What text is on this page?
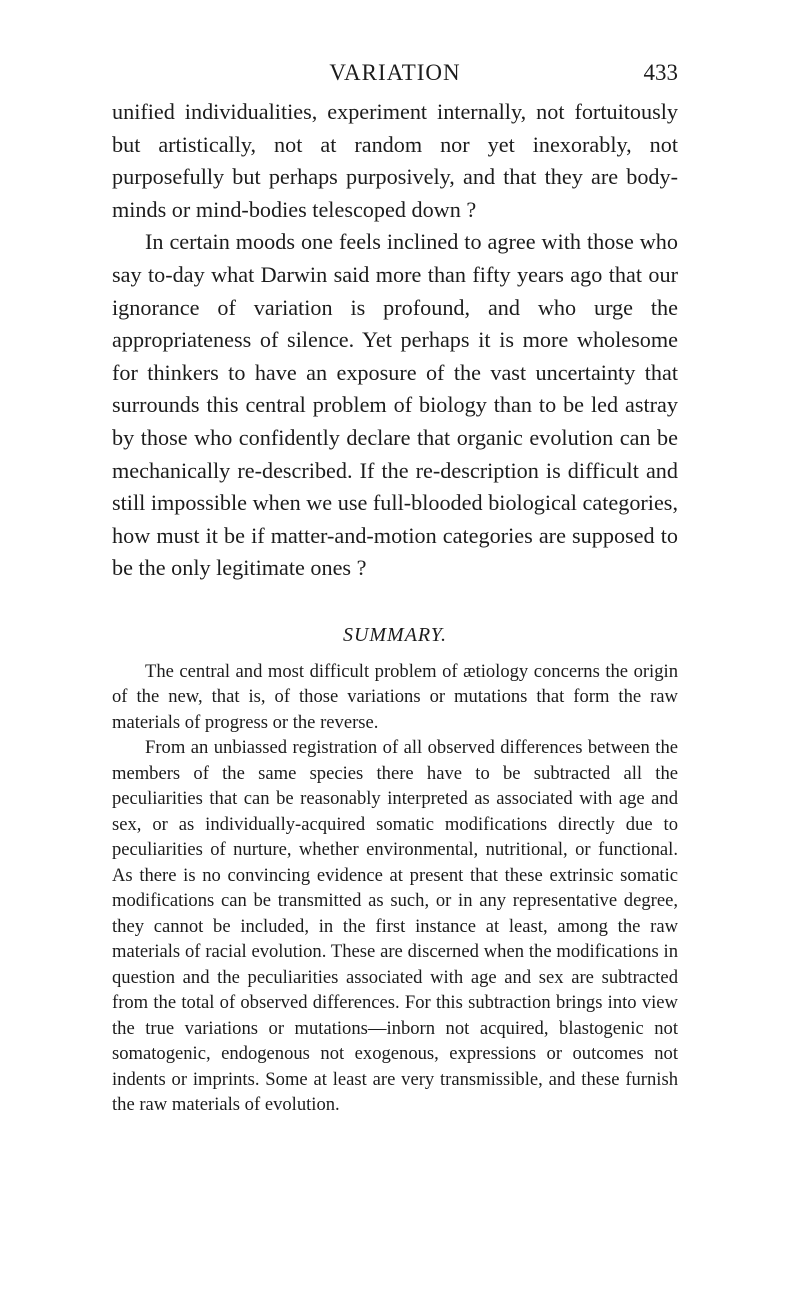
VARIATION	433

unified individualities, experiment internally, not fortuitously but artistically, not at random nor yet inexorably, not purposefully but perhaps purposively, and that they are body-minds or mind-bodies telescoped down ?

In certain moods one feels inclined to agree with those who say to-day what Darwin said more than fifty years ago that our ignorance of variation is profound, and who urge the appropriateness of silence. Yet perhaps it is more wholesome for thinkers to have an exposure of the vast uncertainty that surrounds this central problem of biology than to be led astray by those who confidently declare that organic evolution can be mechanically re-described. If the re-description is difficult and still impossible when we use full-blooded biological categories, how must it be if matter-and-motion categories are supposed to be the only legitimate ones ?

SUMMARY.

The central and most difficult problem of ætiology concerns the origin of the new, that is, of those variations or mutations that form the raw materials of progress or the reverse.

From an unbiassed registration of all observed differences between the members of the same species there have to be subtracted all the peculiarities that can be reasonably interpreted as associated with age and sex, or as individually-acquired somatic modifications directly due to peculiarities of nurture, whether environmental, nutritional, or functional. As there is no convincing evidence at present that these extrinsic somatic modifications can be transmitted as such, or in any representative degree, they cannot be included, in the first instance at least, among the raw materials of racial evolution. These are discerned when the modifications in question and the peculiarities associated with age and sex are subtracted from the total of observed differences. For this subtraction brings into view the true variations or mutations—inborn not acquired, blastogenic not somatogenic, endogenous not exogenous, expressions or outcomes not indents or imprints. Some at least are very transmissible, and these furnish the raw materials of evolution.
